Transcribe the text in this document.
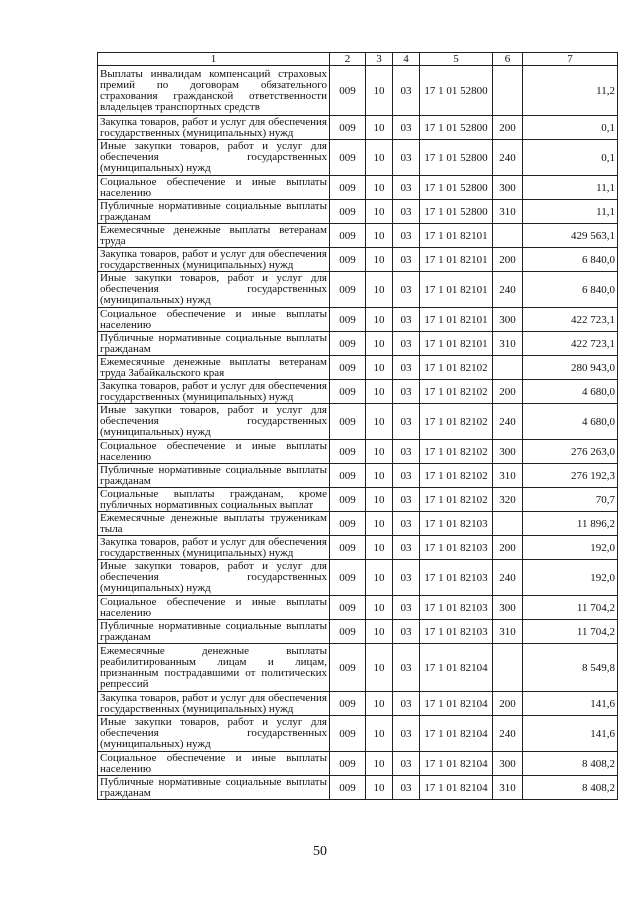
1	2	3	4	5	6	7
Выплаты инвалидам компенсаций страховых премий по договорам обязательного страхования гражданской ответственности владельцев транспортных средств	009	10	03	17 1 01 52800		11,2
Закупка товаров, работ и услуг для обеспечения государственных (муниципальных) нужд	009	10	03	17 1 01 52800	200	0,1
Иные закупки товаров, работ и услуг для обеспечения государственных (муниципальных) нужд	009	10	03	17 1 01 52800	240	0,1
Социальное обеспечение и иные выплаты населению	009	10	03	17 1 01 52800	300	11,1
Публичные нормативные социальные выплаты гражданам	009	10	03	17 1 01 52800	310	11,1
Ежемесячные денежные выплаты ветеранам труда	009	10	03	17 1 01 82101		429 563,1
Закупка товаров, работ и услуг для обеспечения государственных (муниципальных) нужд	009	10	03	17 1 01 82101	200	6 840,0
Иные закупки товаров, работ и услуг для обеспечения государственных (муниципальных) нужд	009	10	03	17 1 01 82101	240	6 840,0
Социальное обеспечение и иные выплаты населению	009	10	03	17 1 01 82101	300	422 723,1
Публичные нормативные социальные выплаты гражданам	009	10	03	17 1 01 82101	310	422 723,1
Ежемесячные денежные выплаты ветеранам труда Забайкальского края	009	10	03	17 1 01 82102		280 943,0
Закупка товаров, работ и услуг для обеспечения государственных (муниципальных) нужд	009	10	03	17 1 01 82102	200	4 680,0
Иные закупки товаров, работ и услуг для обеспечения государственных (муниципальных) нужд	009	10	03	17 1 01 82102	240	4 680,0
Социальное обеспечение и иные выплаты населению	009	10	03	17 1 01 82102	300	276 263,0
Публичные нормативные социальные выплаты гражданам	009	10	03	17 1 01 82102	310	276 192,3
Социальные выплаты гражданам, кроме публичных нормативных социальных выплат	009	10	03	17 1 01 82102	320	70,7
Ежемесячные денежные выплаты труженикам тыла	009	10	03	17 1 01 82103		11 896,2
Закупка товаров, работ и услуг для обеспечения государственных (муниципальных) нужд	009	10	03	17 1 01 82103	200	192,0
Иные закупки товаров, работ и услуг для обеспечения государственных (муниципальных) нужд	009	10	03	17 1 01 82103	240	192,0
Социальное обеспечение и иные выплаты населению	009	10	03	17 1 01 82103	300	11 704,2
Публичные нормативные социальные выплаты гражданам	009	10	03	17 1 01 82103	310	11 704,2
Ежемесячные денежные выплаты реабилитированным лицам и лицам, признанным пострадавшими от политических репрессий	009	10	03	17 1 01 82104		8 549,8
Закупка товаров, работ и услуг для обеспечения государственных (муниципальных) нужд	009	10	03	17 1 01 82104	200	141,6
Иные закупки товаров, работ и услуг для обеспечения государственных (муниципальных) нужд	009	10	03	17 1 01 82104	240	141,6
Социальное обеспечение и иные выплаты населению	009	10	03	17 1 01 82104	300	8 408,2
Публичные нормативные социальные выплаты гражданам	009	10	03	17 1 01 82104	310	8 408,2
50
